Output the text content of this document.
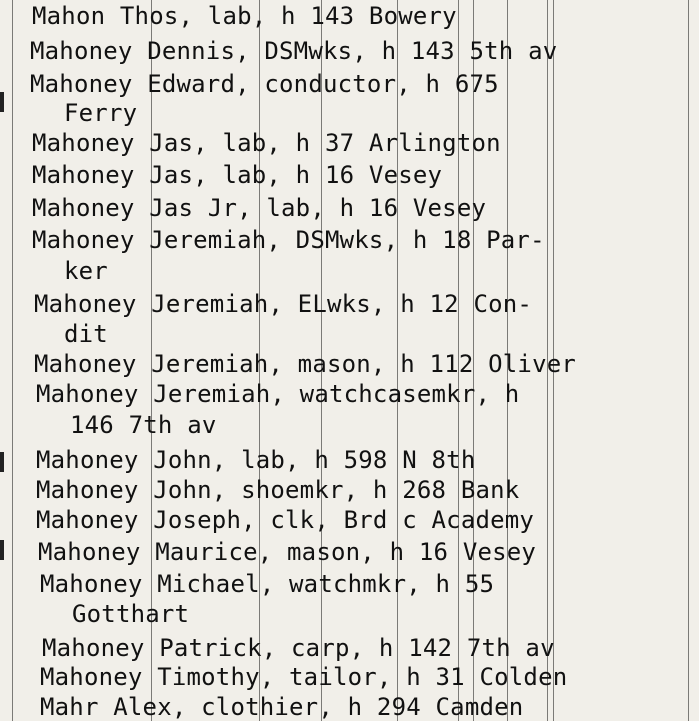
Mahon Thos, lab, h 143 Bowery
Mahoney Dennis, DSMwks, h 143 5th av
Mahoney Edward, conductor, h 675
Ferry
Mahoney Jas, lab, h 37 Arlington
Mahoney Jas, lab, h 16 Vesey
Mahoney Jas Jr, lab, h 16 Vesey
Mahoney Jeremiah, DSMwks, h 18 Par-
ker
Mahoney Jeremiah, ELwks, h 12 Con-
dit
Mahoney Jeremiah, mason, h 112 Oliver
Mahoney Jeremiah, watchcasemkr, h
146 7th av
Mahoney John, lab, h 598 N 8th
Mahoney John, shoemkr, h 268 Bank
Mahoney Joseph, clk, Brd c Academy
Mahoney Maurice, mason, h 16 Vesey
Mahoney Michael, watchmkr, h 55
Gotthart
Mahoney Patrick, carp, h 142 7th av
Mahoney Timothy, tailor, h 31 Colden
Mahr Alex, clothier, h 294 Camden
